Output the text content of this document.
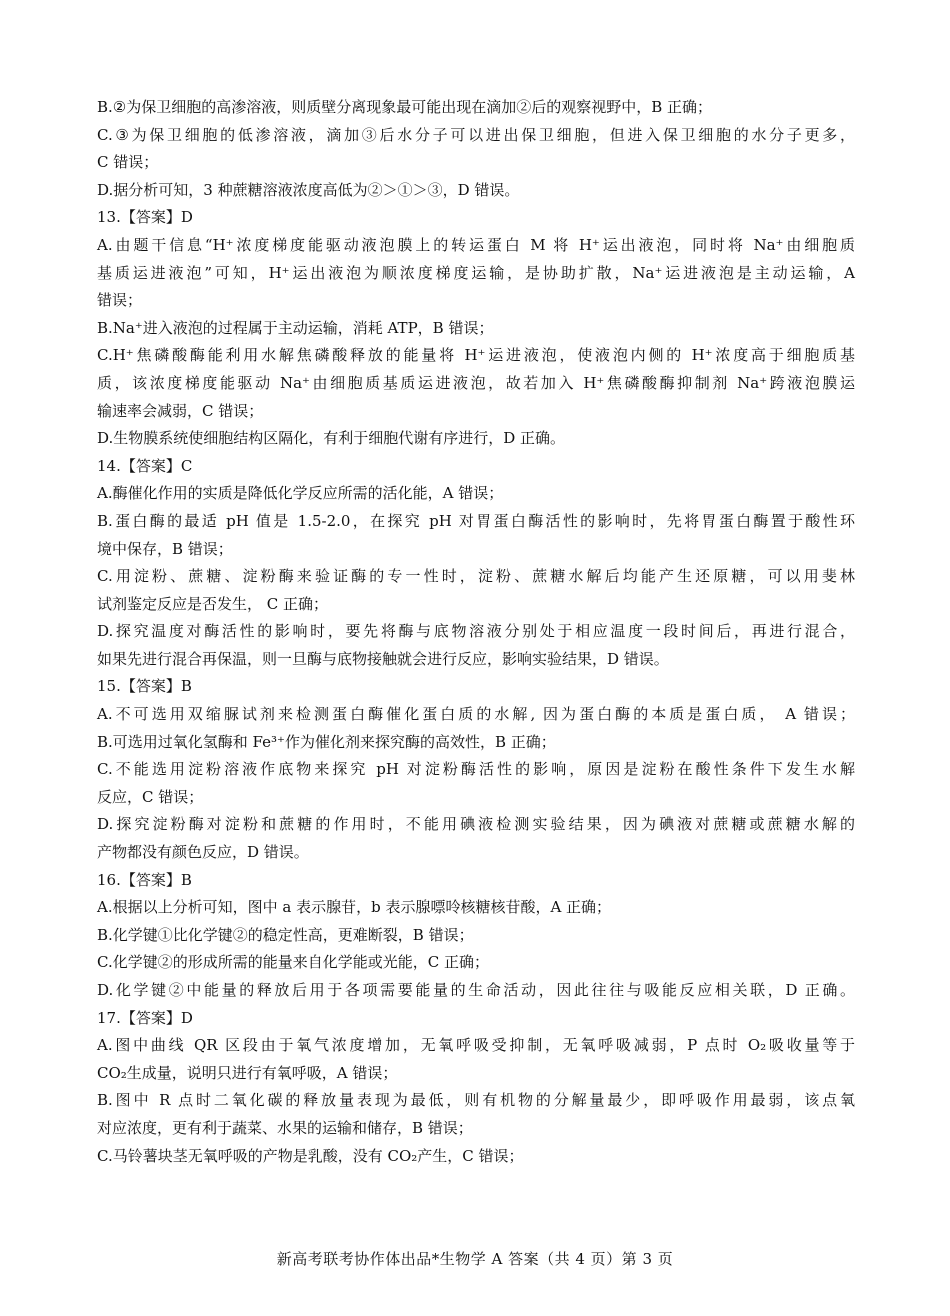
B.②为保卫细胞的高渗溶液，则质壁分离现象最可能出现在滴加②后的观察视野中，B 正确；
C.③为保卫细胞的低渗溶液，滴加③后水分子可以进出保卫细胞，但进入保卫细胞的水分子更多，
C 错误；
D.据分析可知，3 种蔗糖溶液浓度高低为②＞①＞③，D 错误。
13.【答案】D
A.由题干信息“H⁺浓度梯度能驱动液泡膜上的转运蛋白 M 将 H⁺运出液泡，同时将 Na⁺由细胞质
基质运进液泡”可知，H⁺运出液泡为顺浓度梯度运输，是协助扩散，Na⁺运进液泡是主动运输，A
错误；
B.Na⁺进入液泡的过程属于主动运输，消耗 ATP，B 错误；
C.H⁺焦磷酸酶能利用水解焦磷酸释放的能量将 H⁺运进液泡，使液泡内侧的 H⁺浓度高于细胞质基
质，该浓度梯度能驱动 Na⁺由细胞质基质运进液泡，故若加入 H⁺焦磷酸酶抑制剂 Na⁺跨液泡膜运
输速率会减弱，C 错误；
D.生物膜系统使细胞结构区隔化，有利于细胞代谢有序进行，D 正确。
14.【答案】C
A.酶催化作用的实质是降低化学反应所需的活化能，A 错误；
B.蛋白酶的最适 pH 值是 1.5-2.0，在探究 pH 对胃蛋白酶活性的影响时，先将胃蛋白酶置于酸性环
境中保存，B 错误；
C.用淀粉、蔗糖、淀粉酶来验证酶的专一性时，淀粉、蔗糖水解后均能产生还原糖，可以用斐林
试剂鉴定反应是否发生， C 正确；
D.探究温度对酶活性的影响时，要先将酶与底物溶液分别处于相应温度一段时间后，再进行混合，
如果先进行混合再保温，则一旦酶与底物接触就会进行反应，影响实验结果，D 错误。
15.【答案】B
A.不可选用双缩脲试剂来检测蛋白酶催化蛋白质的水解, 因为蛋白酶的本质是蛋白质， A 错误；
B.可选用过氧化氢酶和 Fe³⁺作为催化剂来探究酶的高效性，B 正确；
C.不能选用淀粉溶液作底物来探究 pH 对淀粉酶活性的影响，原因是淀粉在酸性条件下发生水解
反应，C 错误；
D.探究淀粉酶对淀粉和蔗糖的作用时，不能用碘液检测实验结果，因为碘液对蔗糖或蔗糖水解的
产物都没有颜色反应，D 错误。
16.【答案】B
A.根据以上分析可知，图中 a 表示腺苷，b 表示腺嘌呤核糖核苷酸，A 正确；
B.化学键①比化学键②的稳定性高，更难断裂，B 错误；
C.化学键②的形成所需的能量来自化学能或光能，C 正确；
D.化学键②中能量的释放后用于各项需要能量的生命活动，因此往往与吸能反应相关联，D 正确。
17.【答案】D
A.图中曲线 QR 区段由于氧气浓度增加，无氧呼吸受抑制，无氧呼吸减弱，P 点时 O₂吸收量等于
CO₂生成量，说明只进行有氧呼吸，A 错误；
B.图中 R 点时二氧化碳的释放量表现为最低，则有机物的分解量最少，即呼吸作用最弱，该点氧
对应浓度，更有利于蔬菜、水果的运输和储存，B 错误；
C.马铃薯块茎无氧呼吸的产物是乳酸，没有 CO₂产生，C 错误；
新高考联考协作体出品*生物学 A 答案（共 4 页）第 3 页
